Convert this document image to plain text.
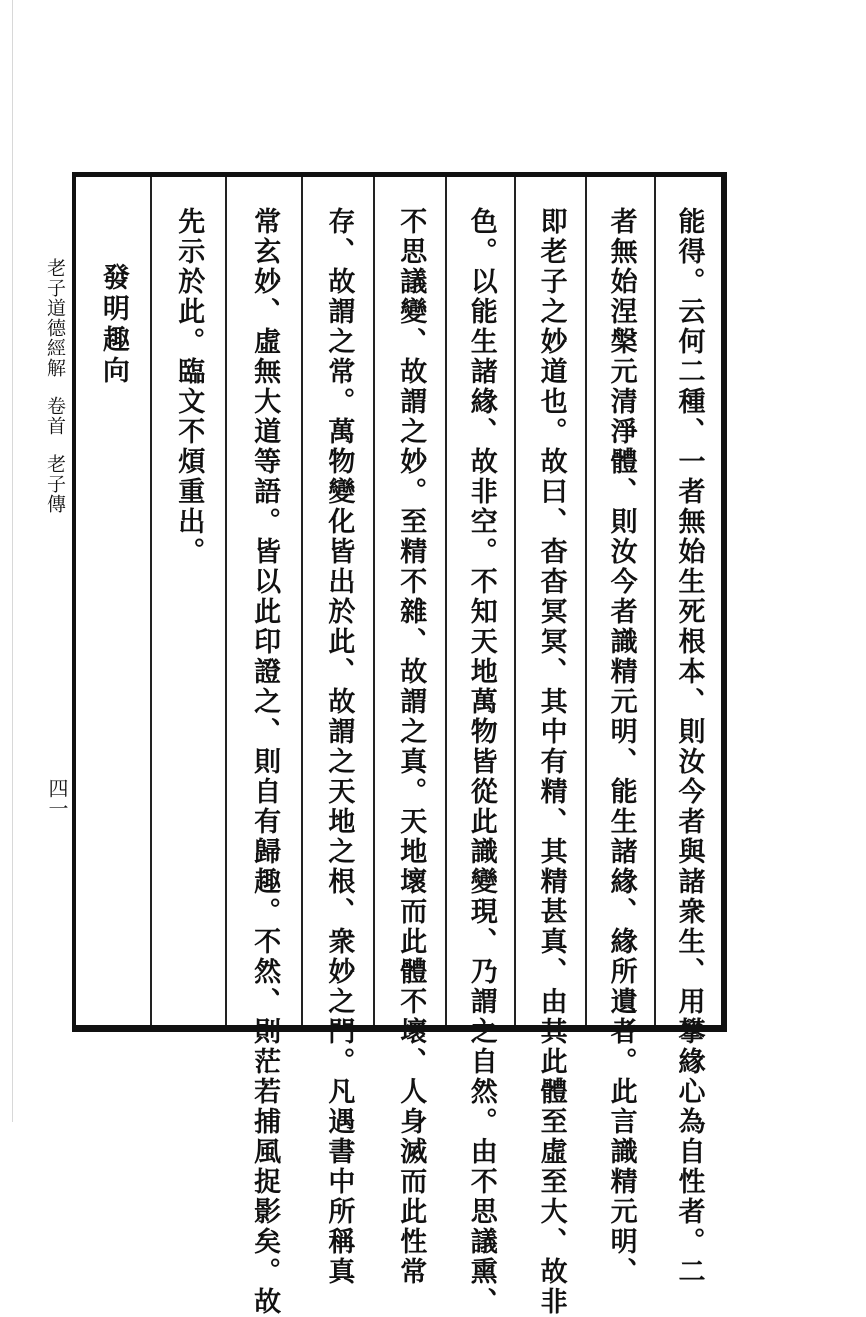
老子道德經解卷首老子傳
四一	能得。云何二種、一者無始生死根本、則汝今者與諸衆生、用攀緣心為自性者。二
者無始涅槃元清淨體、則汝今者識精元明、能生諸緣、緣所遺者。此言識精元明、
即老子之妙道也。故曰、杳杳冥冥、其中有精、其精甚真、由其此體至虛至大、故非
色。以能生諸緣、故非空。不知天地萬物皆從此識變現、乃謂之自然。由不思議熏、
不思議變、故謂之妙。至精不雜、故謂之真。天地壞而此體不壞、人身滅而此性常
存、故謂之常。萬物變化皆出於此、故謂之天地之根、衆妙之門。凡遇書中所稱真
常玄妙、虛無大道等語。皆以此印證之、則自有歸趣。不然、則茫若捕風捉影矣。故
先示於此。臨文不煩重出。
發明趣向
